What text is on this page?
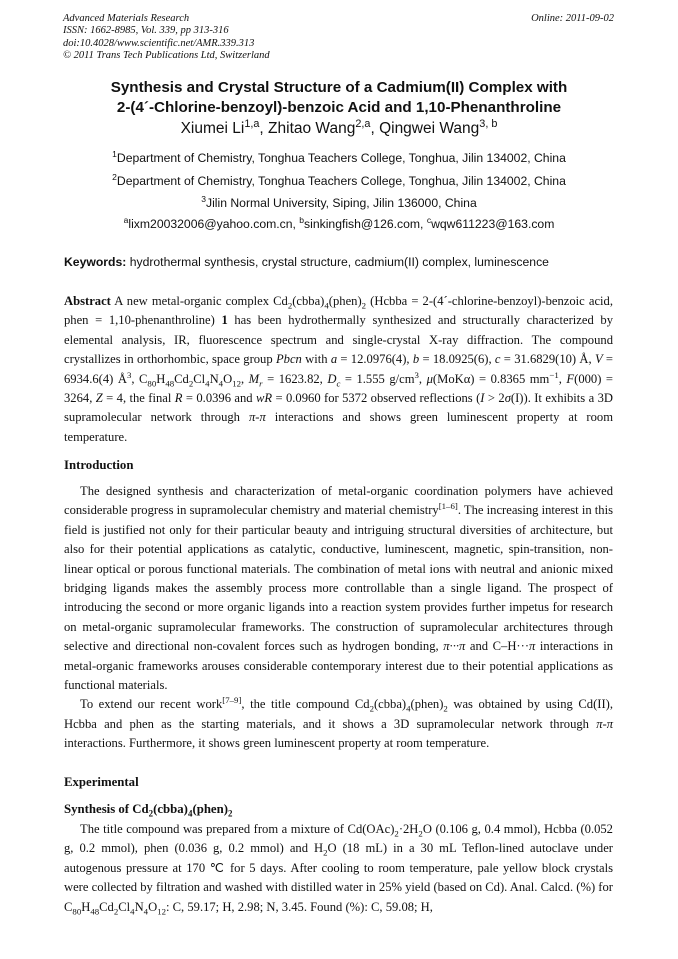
Advanced Materials Research
ISSN: 1662-8985, Vol. 339, pp 313-316
doi:10.4028/www.scientific.net/AMR.339.313
© 2011 Trans Tech Publications Ltd, Switzerland
Online: 2011-09-02
Synthesis and Crystal Structure of a Cadmium(II) Complex with
2-(4´-Chlorine-benzoyl)-benzoic Acid and 1,10-Phenanthroline
Xiumei Li$^{1,a}$, Zhitao Wang$^{2,a}$, Qingwei Wang$^{3, b}$
$^1$Department of Chemistry, Tonghua Teachers College, Tonghua, Jilin 134002, China
$^2$Department of Chemistry, Tonghua Teachers College, Tonghua, Jilin 134002, China
$^3$Jilin Normal University, Siping, Jilin 136000, China
$^a$lixm20032006@yahoo.com.cn, $^b$sinkingfish@126.com, $^c$wqw611223@163.com
Keywords: hydrothermal synthesis, crystal structure, cadmium(II) complex, luminescence

Abstract A new metal-organic complex $Cd_2(cbba)_4(phen)_2$ (Hcbba = 2-(4´-chlorine-benzoyl)-benzoic acid, phen = 1,10-phenanthroline) 1 has been hydrothermally synthesized and structurally characterized by elemental analysis, IR, fluorescence spectrum and single-crystal X-ray diffraction. The compound crystallizes in orthorhombic, space group Pbcn with a = 12.0976(4), b = 18.0925(6), c = 31.6829(10) Å, V = 6934.6(4) $Å^3$, $C_{80}H_{48}Cd_2Cl_4N_4O_{12}$, $M_r = 1623.82$, $D_c = 1.555$ $g/cm^3$, μ(MoKα) = 0.8365 $mm^{-1}$, F(000) = 3264, Z = 4, the final R = 0.0396 and wR = 0.0960 for 5372 observed reflections (I > 2σ(I)). It exhibits a 3D supramolecular network through π-π interactions and shows green luminescent property at room temperature.

Introduction

The designed synthesis and characterization of metal-organic coordination polymers have achieved considerable progress in supramolecular chemistry and material chemistry[1–6]. The increasing interest in this field is justified not only for their particular beauty and intriguing structural diversities of architecture, but also for their potential applications as catalytic, conductive, luminescent, magnetic, spin-transition, non-linear optical or porous functional materials. The combination of metal ions with neutral and anionic mixed bridging ligands makes the assembly process more controllable than a single ligand. The prospect of introducing the second or more organic ligands into a reaction system provides further impetus for research on metal-organic supramolecular frameworks. The construction of supramolecular architectures through selective and directional non-covalent forces such as hydrogen bonding, π···π and C–H···π interactions in metal-organic frameworks arouses considerable contemporary interest due to their potential applications as functional materials.

To extend our recent work[7–9], the title compound $Cd_2(cbba)_4(phen)_2$ was obtained by using Cd(II), Hcbba and phen as the starting materials, and it shows a 3D supramolecular network through π-π interactions. Furthermore, it shows green luminescent property at room temperature.

Experimental
Synthesis of $Cd_2(cbba)_4(phen)_2$

The title compound was prepared from a mixture of $Cd(OAc)_2\cdot 2H_2O$ (0.106 g, 0.4 mmol), Hcbba (0.052 g, 0.2 mmol), phen (0.036 g, 0.2 mmol) and $H_2O$ (18 mL) in a 30 mL Teflon-lined autoclave under autogenous pressure at 170 ℃ for 5 days. After cooling to room temperature, pale yellow block crystals were collected by filtration and washed with distilled water in 25% yield (based on Cd). Anal. Calcd. (%) for $C_{80}H_{48}Cd_2Cl_4N_4O_{12}$: C, 59.17; H, 2.98; N, 3.45. Found (%): C, 59.08; H,
